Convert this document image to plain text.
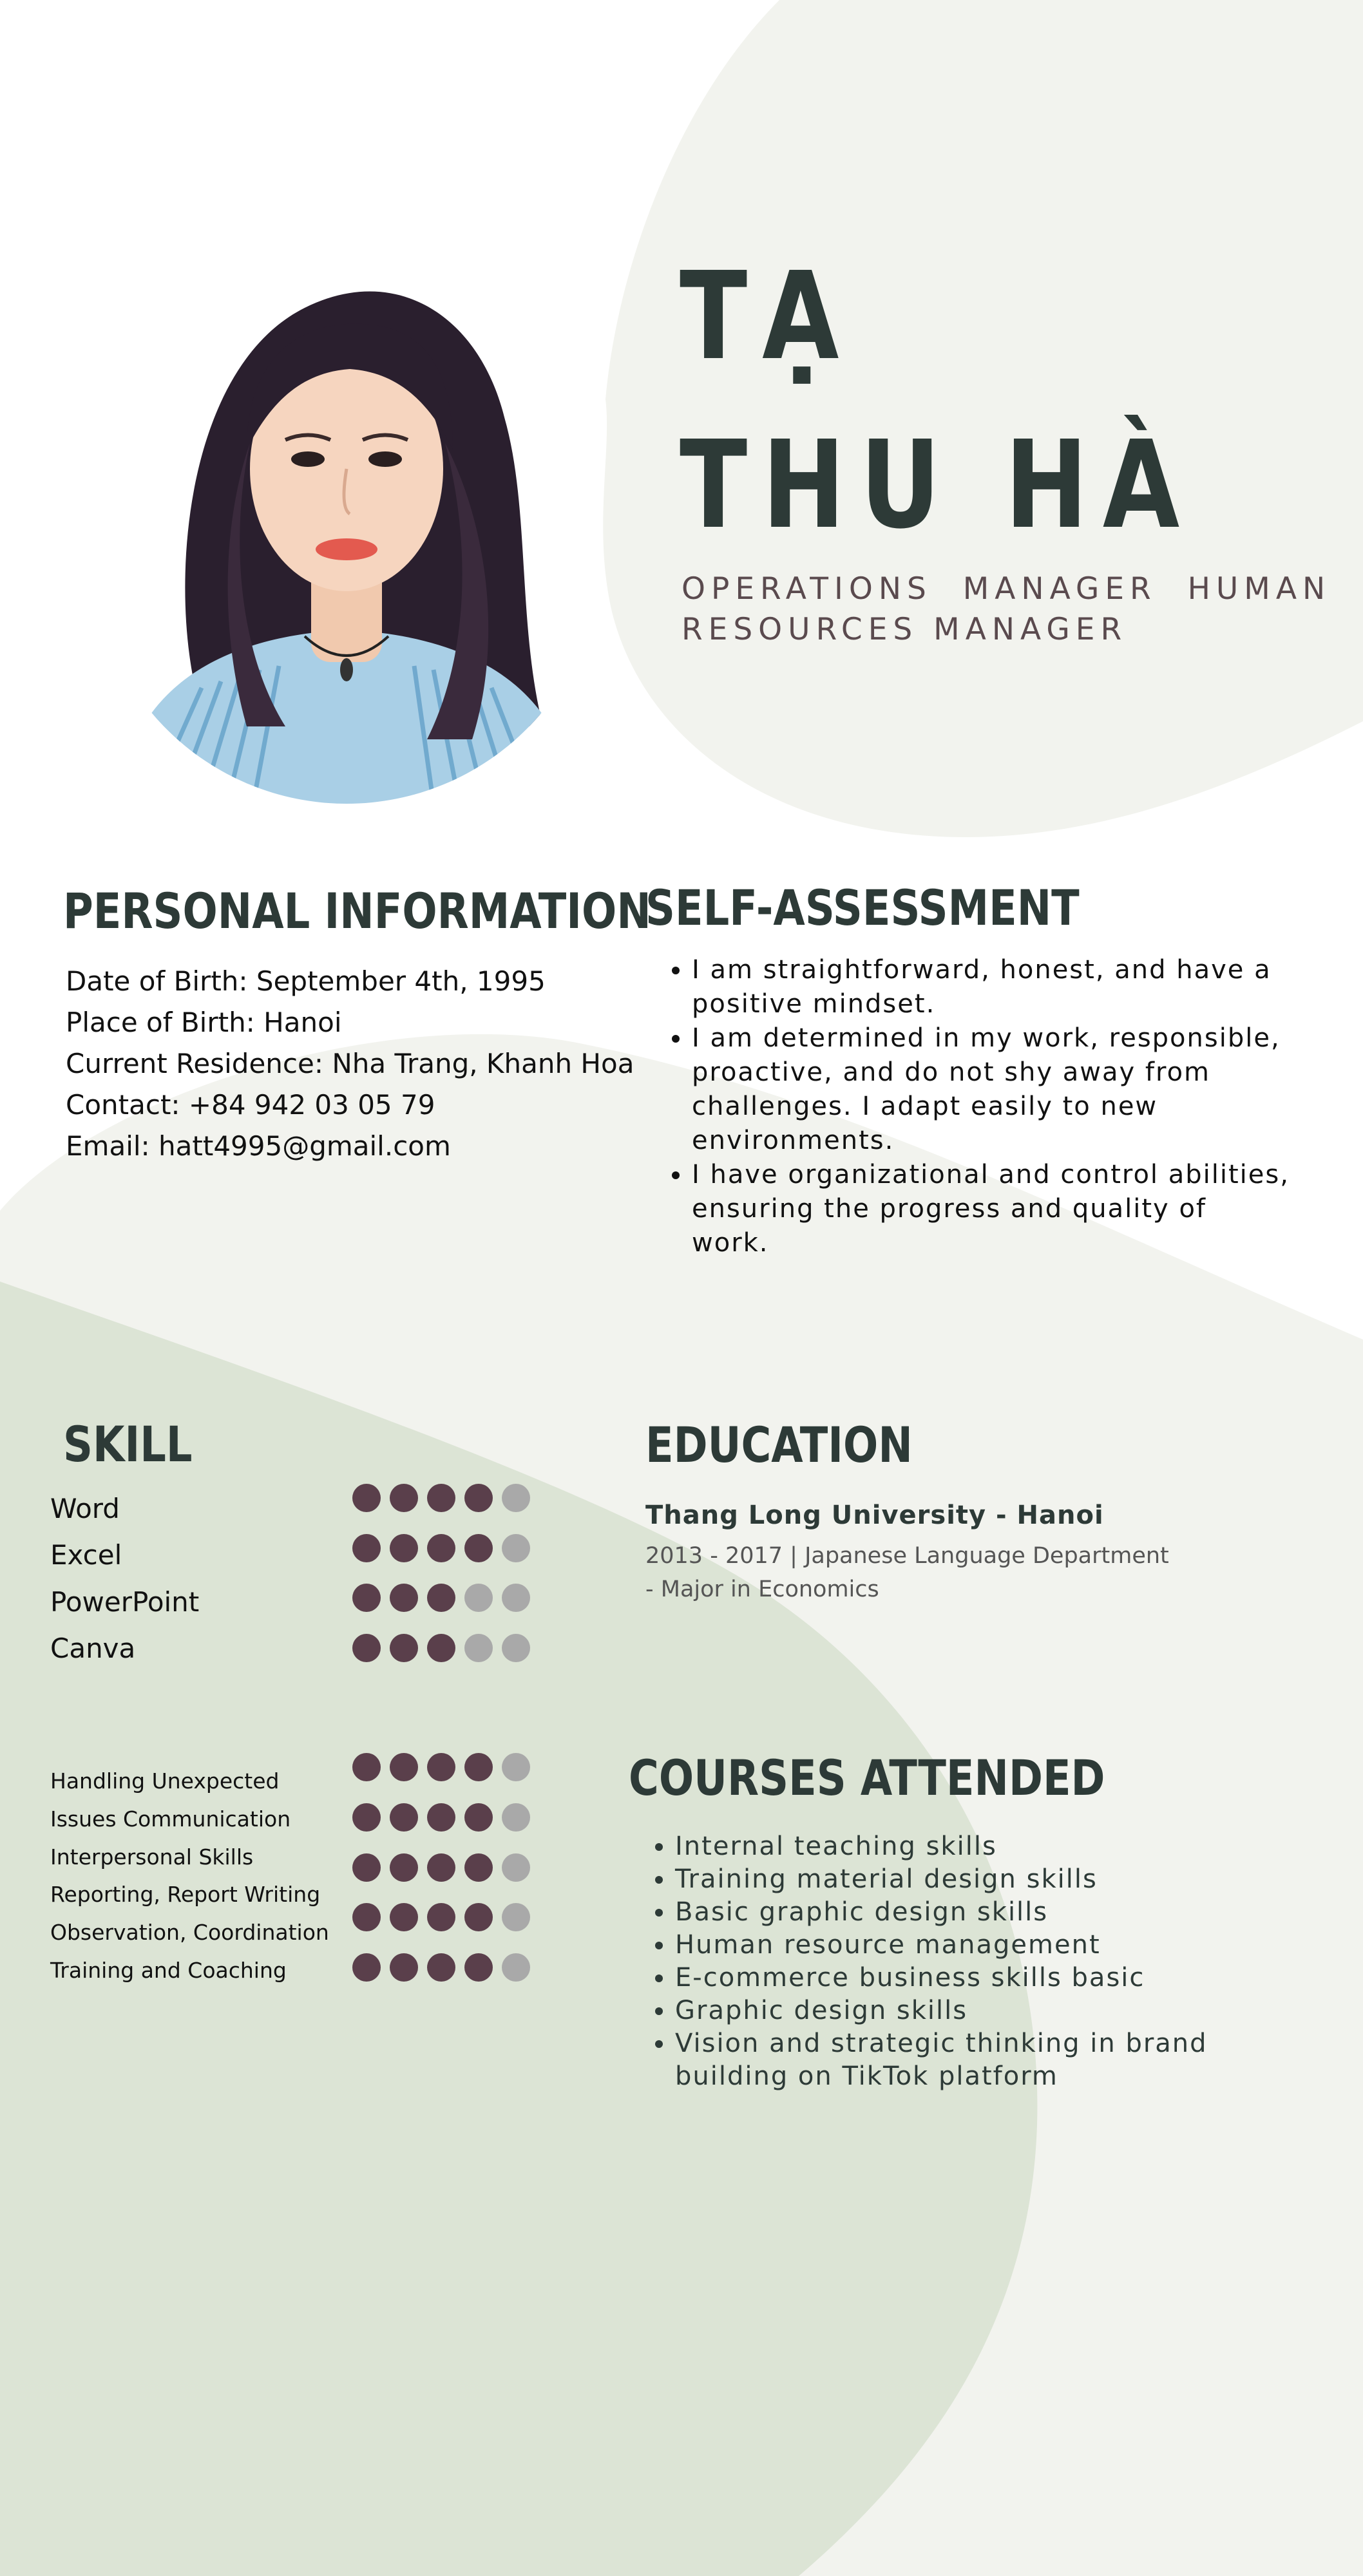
TẠ
THU HÀ
OPERATIONS  MANAGER  HUMAN
RESOURCES MANAGER
PERSONAL INFORMATION
Date of Birth: September 4th, 1995
Place of Birth: Hanoi
Current Residence: Nha Trang, Khanh Hoa
Contact: +84 942 03 05 79
Email: hatt4995@gmail.com
SELF-ASSESSMENT
• I am straightforward, honest, and have a positive mindset.
• I am determined in my work, responsible, proactive, and do not shy away from challenges. I adapt easily to new environments.
• I have organizational and control abilities, ensuring the progress and quality of work.
SKILL
Word
Excel
PowerPoint
Canva
Handling Unexpected
Issues Communication
Interpersonal Skills
Reporting, Report Writing
Observation, Coordination
Training and Coaching
EDUCATION
Thang Long University - Hanoi
2013 - 2017 | Japanese Language Department
- Major in Economics
COURSES ATTENDED
• Internal teaching skills
• Training material design skills
• Basic graphic design skills
• Human resource management
• E-commerce business skills basic
• Graphic design skills
• Vision and strategic thinking in brand building on TikTok platform
